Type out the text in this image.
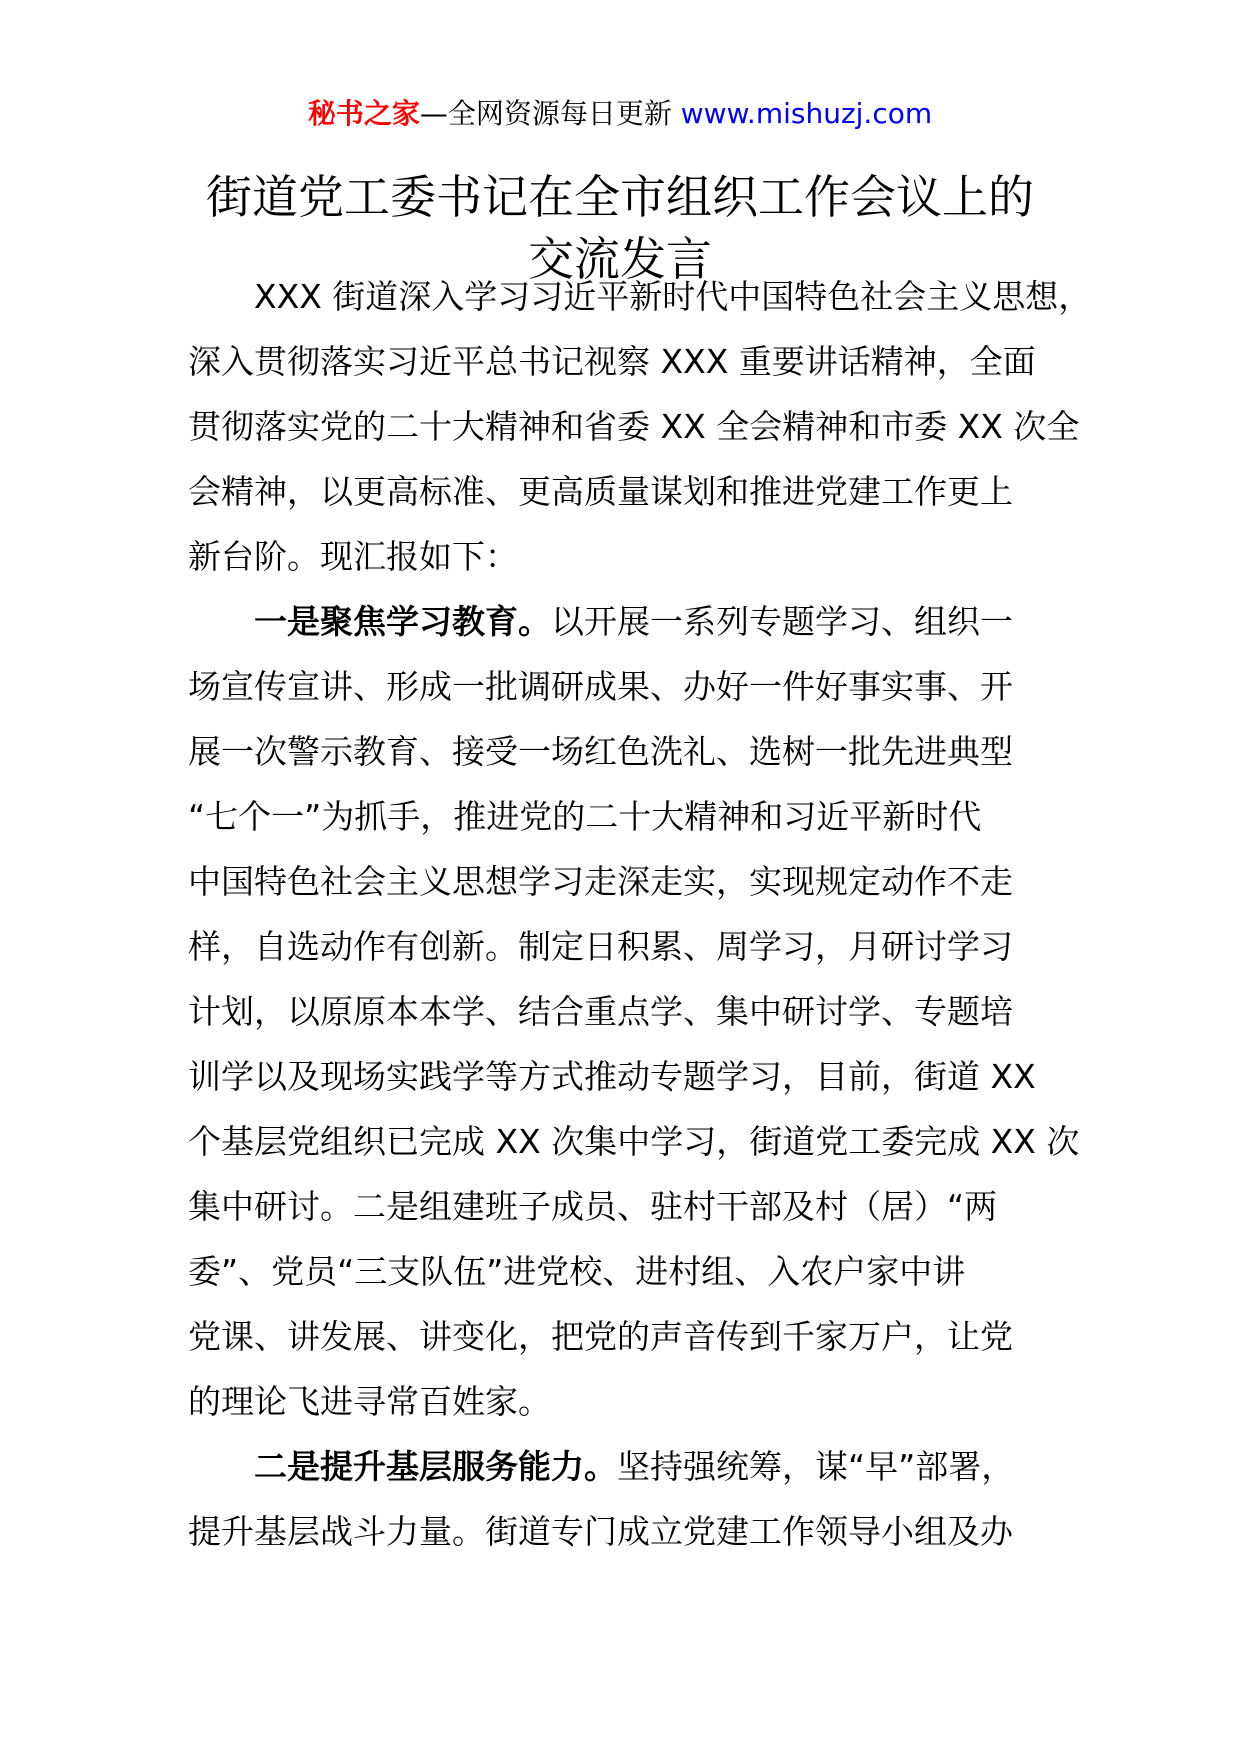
秘书之家—全网资源每日更新 www.mishuzj.com
街道党工委书记在全市组织工作会议上的
交流发言
XXX 街道深入学习习近平新时代中国特色社会主义思想，
深入贯彻落实习近平总书记视察 XXX 重要讲话精神，全面
贯彻落实党的二十大精神和省委 XX 全会精神和市委 XX 次全
会精神，以更高标准、更高质量谋划和推进党建工作更上
新台阶。现汇报如下：
一是聚焦学习教育。以开展一系列专题学习、组织一
场宣传宣讲、形成一批调研成果、办好一件好事实事、开
展一次警示教育、接受一场红色洗礼、选树一批先进典型
“七个一”为抓手，推进党的二十大精神和习近平新时代
中国特色社会主义思想学习走深走实，实现规定动作不走
样，自选动作有创新。制定日积累、周学习，月研讨学习
计划，以原原本本学、结合重点学、集中研讨学、专题培
训学以及现场实践学等方式推动专题学习，目前，街道 XX
个基层党组织已完成 XX 次集中学习，街道党工委完成 XX 次
集中研讨。二是组建班子成员、驻村干部及村（居）“两
委”、党员“三支队伍”进党校、进村组、入农户家中讲
党课、讲发展、讲变化，把党的声音传到千家万户，让党
的理论飞进寻常百姓家。
二是提升基层服务能力。坚持强统筹，谋“早”部署，
提升基层战斗力量。街道专门成立党建工作领导小组及办
